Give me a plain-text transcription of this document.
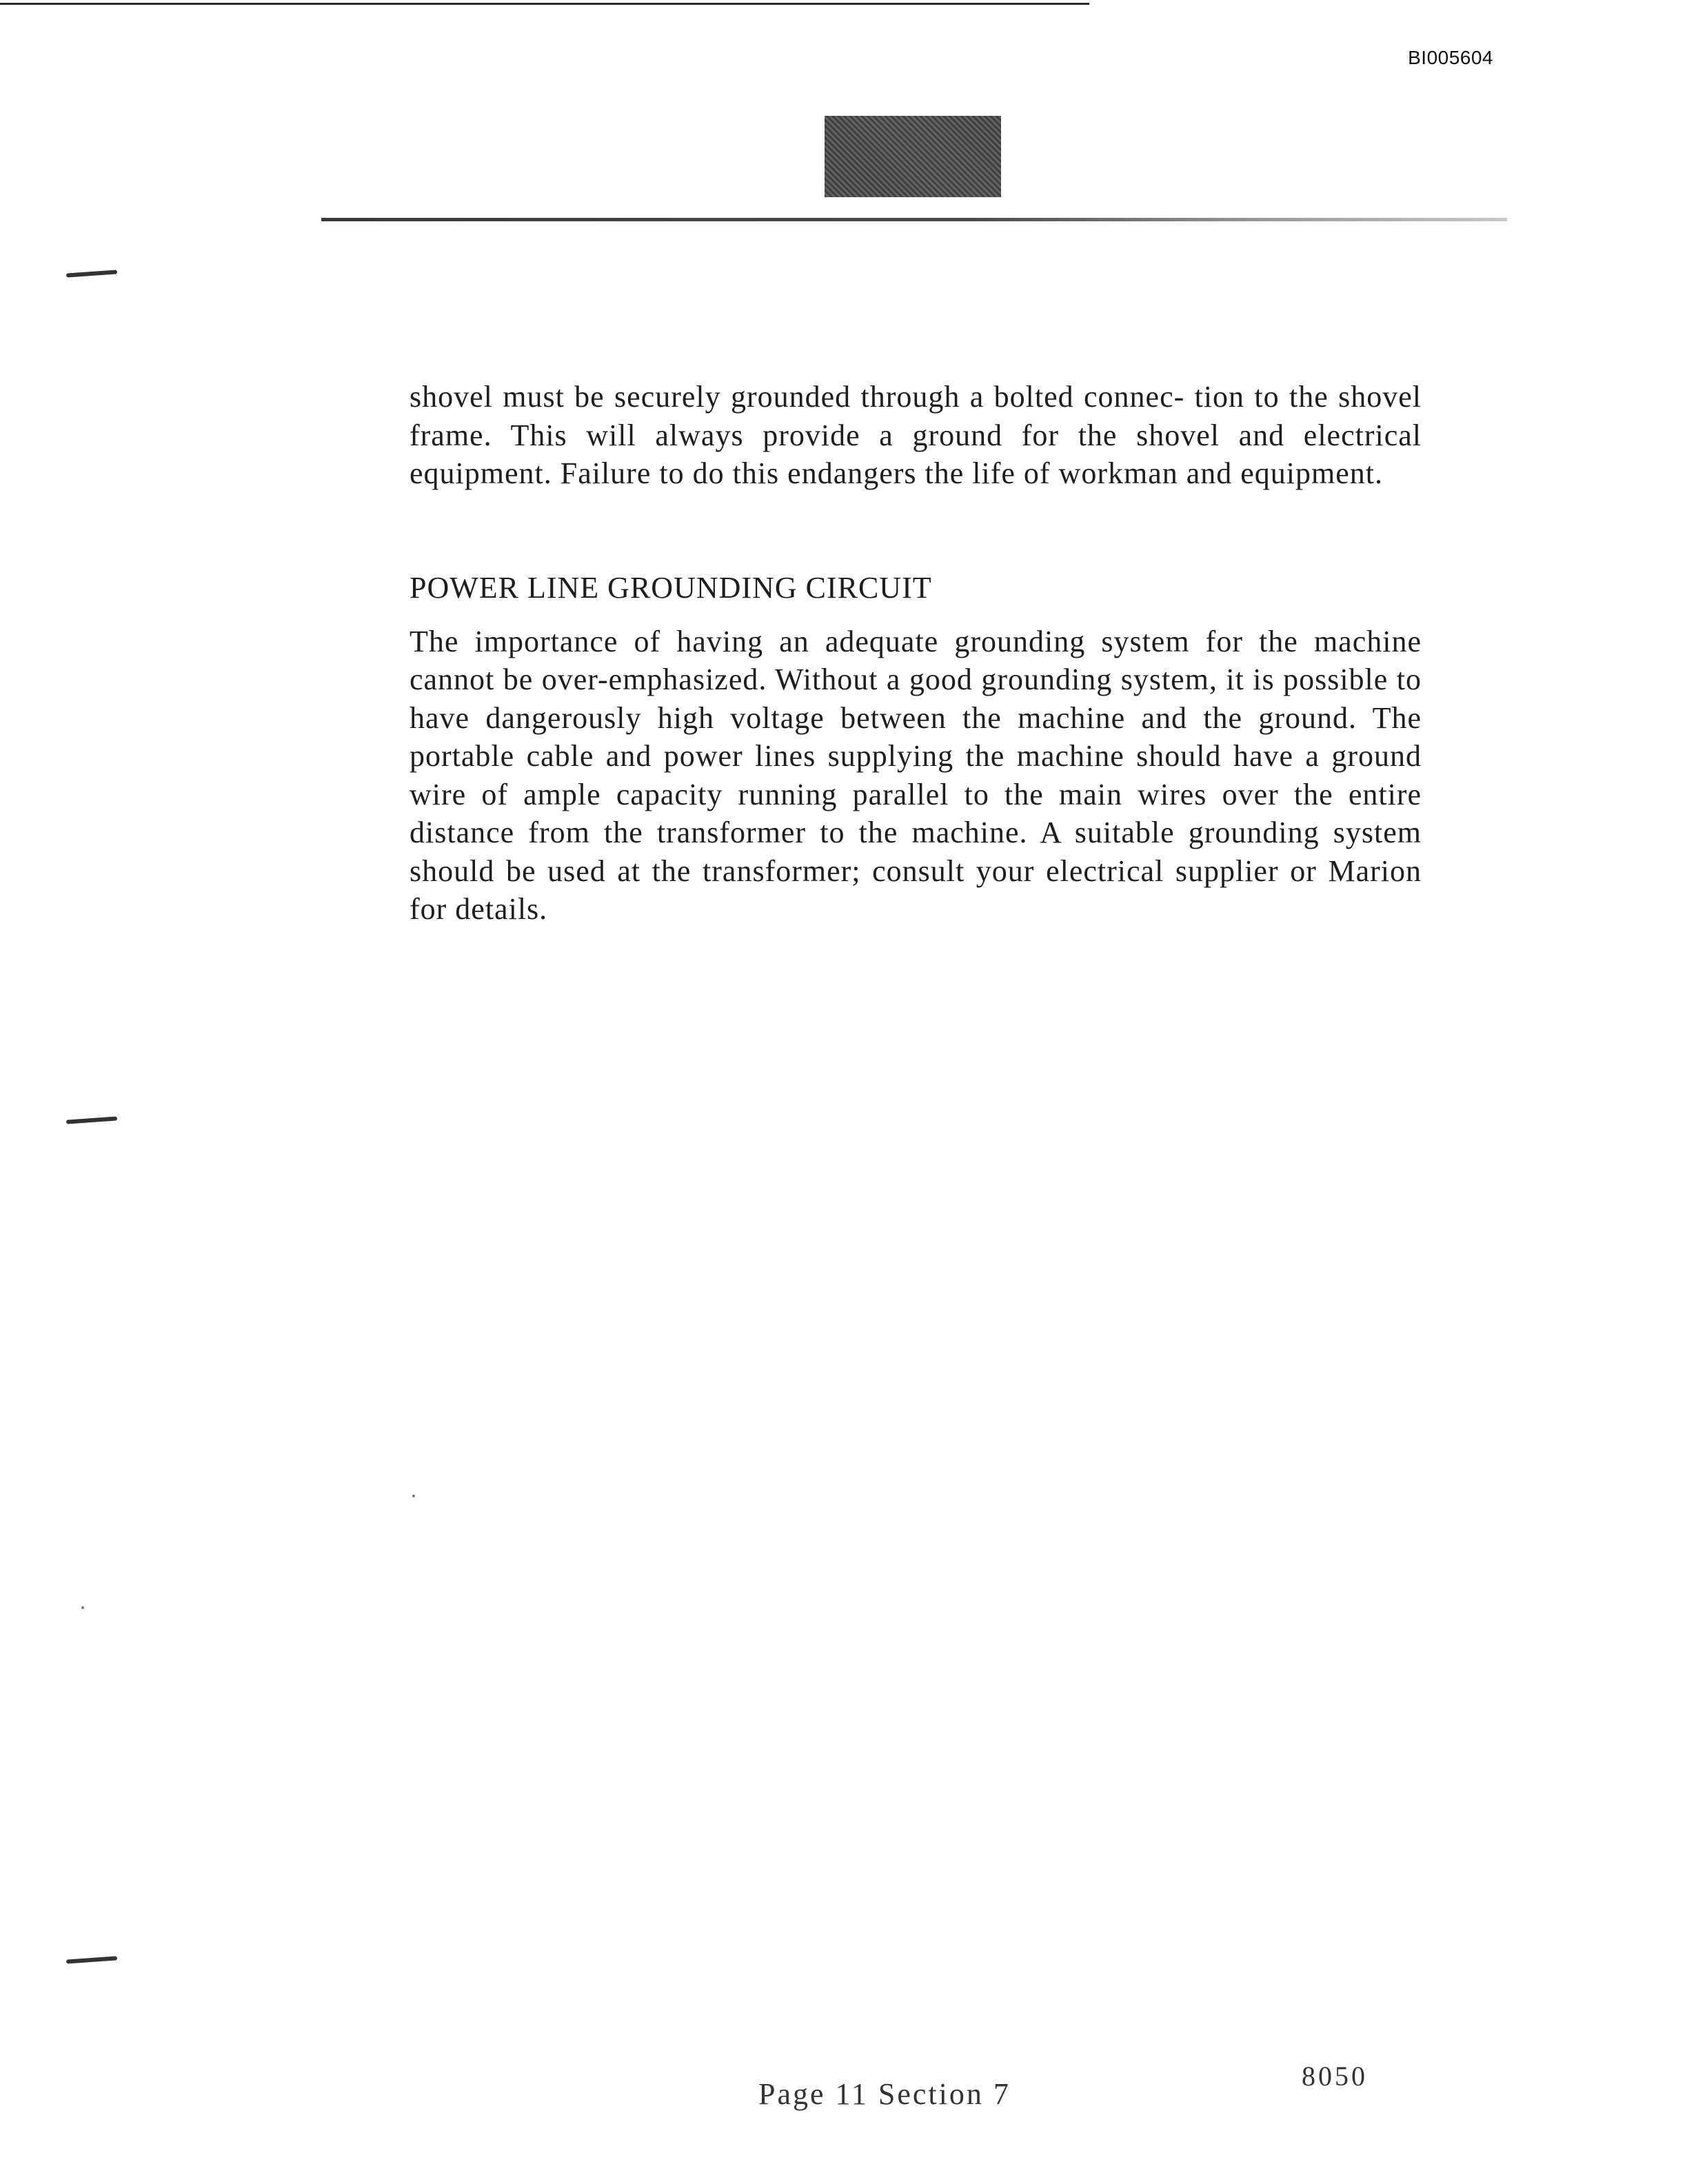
BI005604

shovel must be securely grounded through a bolted connec- tion to the shovel frame. This will always provide a ground for the shovel and electrical equipment. Failure to do this endangers the life of workman and equipment.

POWER LINE GROUNDING CIRCUIT

The importance of having an adequate grounding system for the machine cannot be over-emphasized. Without a good grounding system, it is possible to have dangerously high voltage between the machine and the ground. The portable cable and power lines supplying the machine should have a ground wire of ample capacity running parallel to the main wires over the entire distance from the transformer to the machine. A suitable grounding system should be used at the transformer; consult your electrical supplier or Marion for details.

Page 11 Section 7
8050
